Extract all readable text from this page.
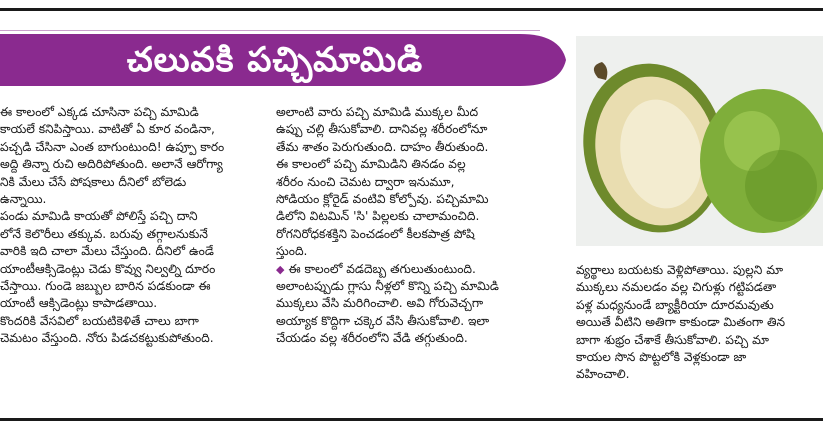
చలువకి పచ్చిమామిడి
ఈ కాలంలో ఎక్కడ చూసినా పచ్చి మామిడి
కాయలే కనిపిస్తాయి. వాటితో ఏ కూర వండినా,
పచ్చడి చేసినా ఎంత బాగుంటుంది! ఉప్పూ కారం
అద్ది తిన్నా రుచి అదిరిపోతుంది. అలానే ఆరోగ్యా
నికి మేలు చేసే పోషకాలు దీనిలో బోలెడు
ఉన్నాయి.
పండు మామిడి కాయతో పోలిస్తే పచ్చి దాని
లోనే కెలొరీలు తక్కువ. బరువు తగ్గాలనుకునే
వారికి ఇది చాలా మేలు చేస్తుంది. దీనిలో ఉండే
యాంటీఆక్సిడెంట్లు చెడు కొవ్వు నిల్వల్ని దూరం
చేస్తాయి. గుండె జబ్బుల బారిన పడకుండా ఈ
యాంటీ ఆక్సిడెంట్లు కాపాడతాయి.
కొందరికి వేసవిలో బయటికెళితే చాలు బాగా
చెమటం వేస్తుంది. నోరు పిడచకట్టుకుపోతుంది.
అలాంటి వారు పచ్చి మామిడి ముక్కల మీద
ఉప్పు చల్లి తీసుకోవాలి. దానివల్ల శరీరంలోనూ
తేమ శాతం పెరుగుతుంది. దాహం తీరుతుంది.
ఈ కాలంలో పచ్చి మామిడిని తినడం వల్ల
శరీరం నుంచి చెమట ద్వారా ఇనుమూ,
సోడియం క్లోరైడ్ వంటివి కోల్పోవు. పచ్చిమామి
డిలోని విటమిన్ 'సి' పిల్లలకు చాలామంచిది.
రోగనిరోధకశక్తిని పెంచడంలో కీలకపాత్ర పోషి
స్తుంది.
◆ ఈ కాలంలో వడదెబ్బ తగులుతుంటుంది.
అలాంటప్పుడు గ్లాసు నీళ్లలో కొన్ని పచ్చి మామిడి
ముక్కలు వేసి మరిగించాలి. అవి గోరువెచ్చగా
అయ్యాక కొద్దిగా చక్కెర వేసి తీసుకోవాలి. ఇలా
చేయడం వల్ల శరీరంలోని వేడి తగ్గుతుంది.
వ్యర్థాలు బయటకు వెళ్లిపోతాయి. పుల్లని మా
ముక్కలు నమలడం వల్ల చిగుళ్లు గట్టిపడతా
పళ్ల మధ్యనుండే బ్యాక్టీరియా దూరమవుతు
అయితే వీటిని అతిగా కాకుండా మితంగా తిన
బాగా శుభ్రం చేశాకే తీసుకోవాలి. పచ్చి మా
కాయల సొన పొట్టలోకి వెళ్లకుండా జా
వహించాలి.
